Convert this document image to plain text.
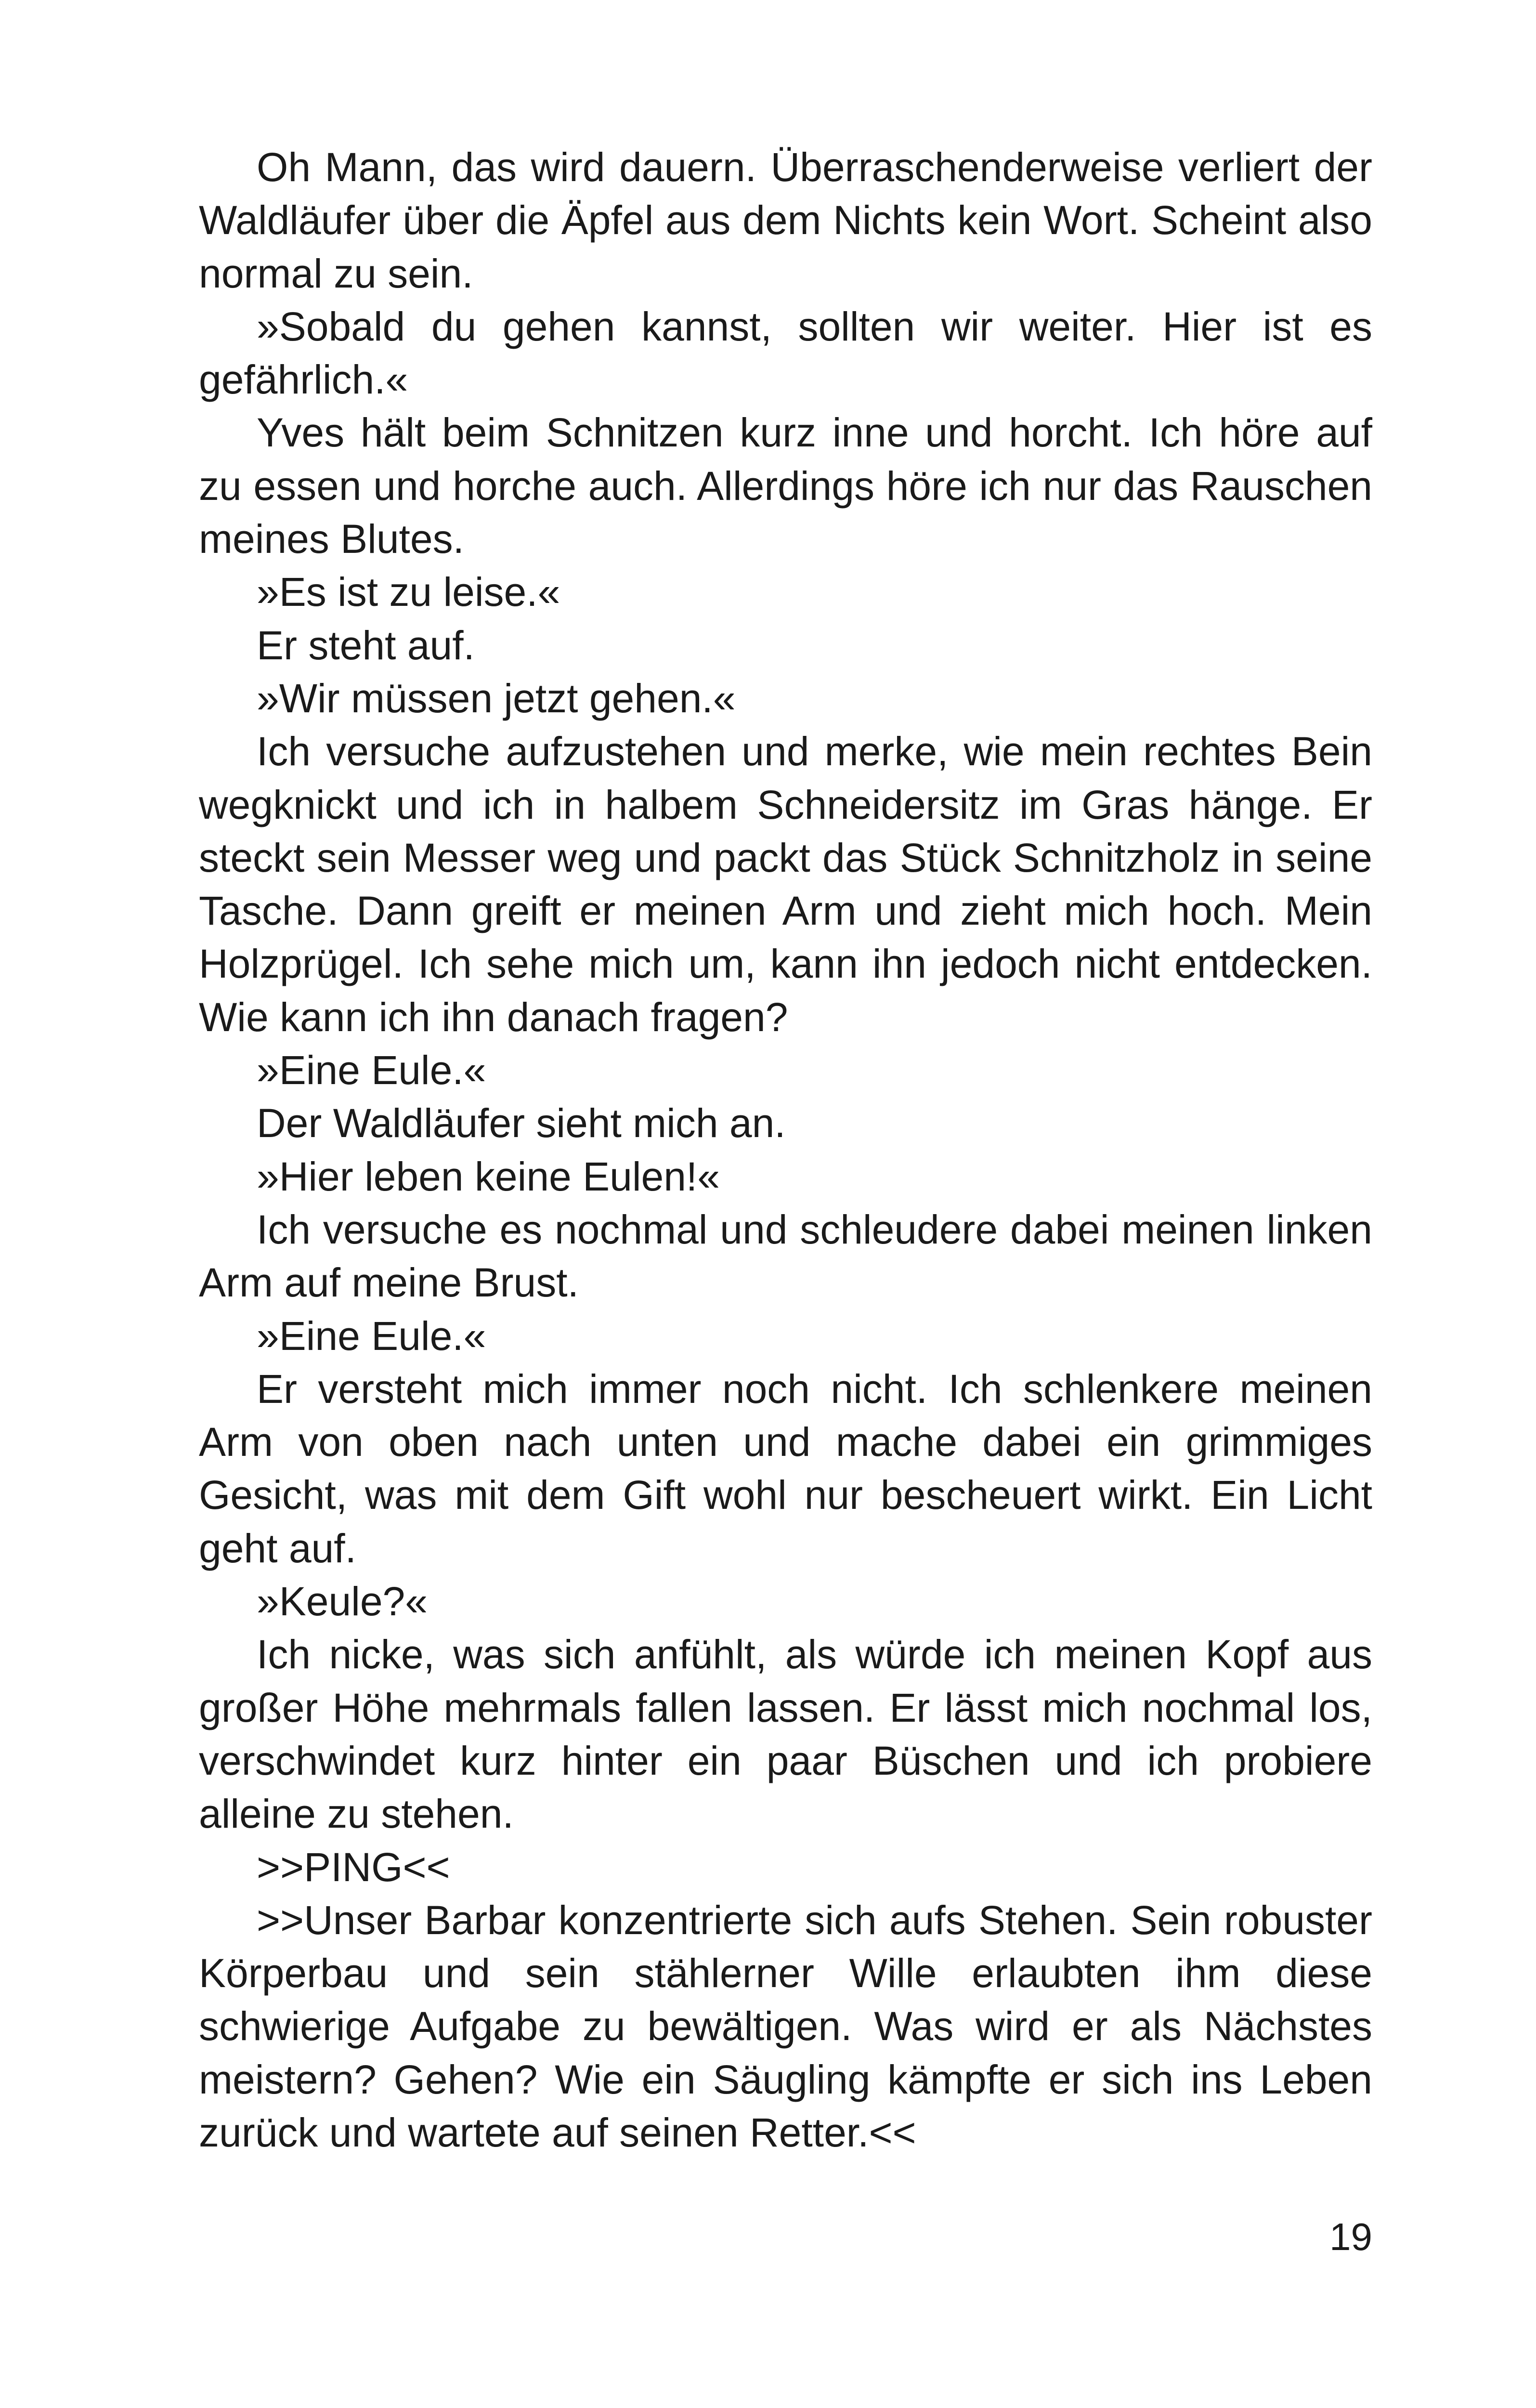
Oh Mann, das wird dauern. Überraschenderweise verliert der Waldläufer über die Äpfel aus dem Nichts kein Wort. Scheint also normal zu sein.

»Sobald du gehen kannst, sollten wir weiter. Hier ist es gefährlich.«

Yves hält beim Schnitzen kurz inne und horcht. Ich höre auf zu essen und horche auch. Allerdings höre ich nur das Rauschen meines Blutes.

»Es ist zu leise.«

Er steht auf.

»Wir müssen jetzt gehen.«

Ich versuche aufzustehen und merke, wie mein rechtes Bein wegknickt und ich in halbem Schneidersitz im Gras hänge. Er steckt sein Messer weg und packt das Stück Schnitzholz in seine Tasche. Dann greift er meinen Arm und zieht mich hoch. Mein Holzprügel. Ich sehe mich um, kann ihn jedoch nicht entdecken. Wie kann ich ihn danach fragen?

»Eine Eule.«

Der Waldläufer sieht mich an.

»Hier leben keine Eulen!«

Ich versuche es nochmal und schleudere dabei meinen linken Arm auf meine Brust.

»Eine Eule.«

Er versteht mich immer noch nicht. Ich schlenkere meinen Arm von oben nach unten und mache dabei ein grimmiges Gesicht, was mit dem Gift wohl nur bescheuert wirkt. Ein Licht geht auf.

»Keule?«

Ich nicke, was sich anfühlt, als würde ich meinen Kopf aus großer Höhe mehrmals fallen lassen. Er lässt mich nochmal los, verschwindet kurz hinter ein paar Büschen und ich probiere alleine zu stehen.

>>PING<<

>>Unser Barbar konzentrierte sich aufs Stehen. Sein robuster Körperbau und sein stählerner Wille erlaubten ihm diese schwierige Aufgabe zu bewältigen. Was wird er als Nächstes meistern? Gehen? Wie ein Säugling kämpfte er sich ins Leben zurück und wartete auf seinen Retter.<<

19
